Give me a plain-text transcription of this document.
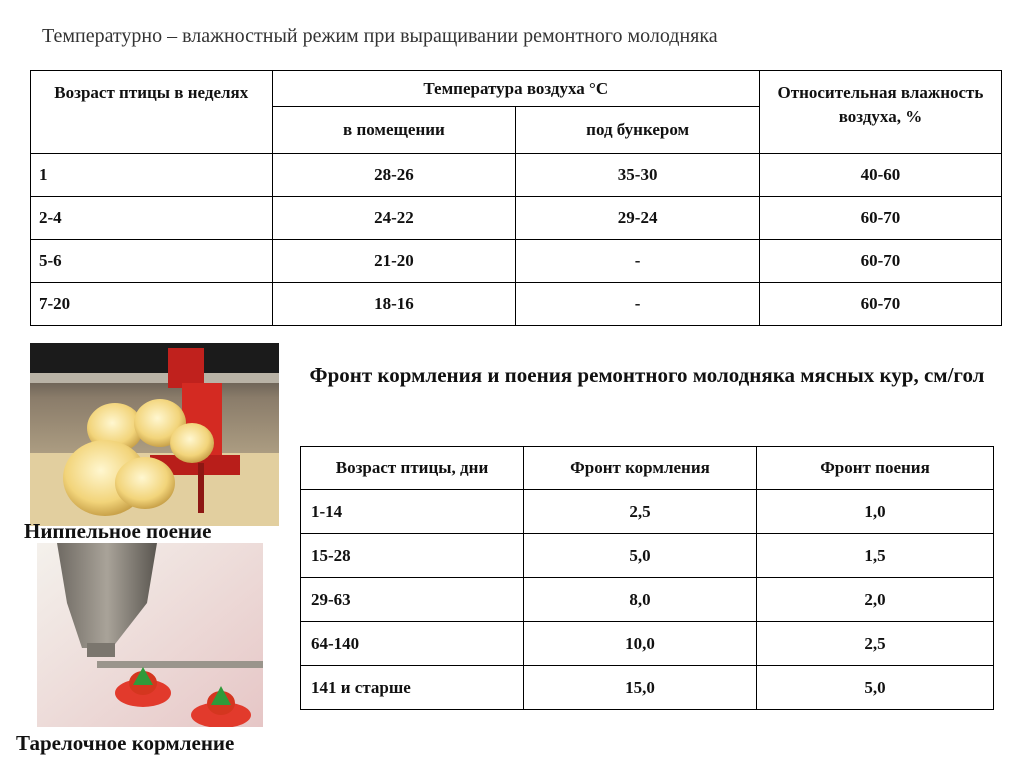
Температурно – влажностный режим при выращивании ремонтного молодняка
Возраст птицы в неделях	Температура воздуха °С		Относительная влажность воздуха, %
	в помещении	под бункером	
1	28-26	35-30	40-60
2-4	24-22	29-24	60-70
5-6	21-20	-	60-70
7-20	18-16	-	60-70
Ниппельное поение
Тарелочное кормление
Фронт кормления и поения ремонтного молодняка мясных кур, см/гол
Возраст птицы, дни	Фронт кормления	Фронт поения
1-14	2,5	1,0
15-28	5,0	1,5
29-63	8,0	2,0
64-140	10,0	2,5
141 и старше	15,0	5,0
